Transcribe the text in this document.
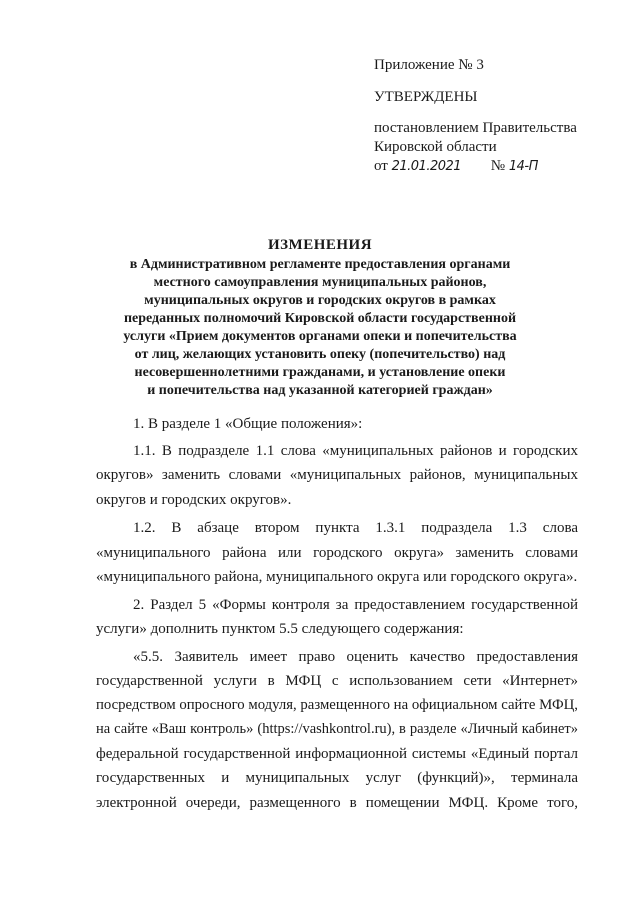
Приложение № 3
УТВЕРЖДЕНЫ
постановлением Правительства
Кировской области
от 21.01.2021 № 14-П
ИЗМЕНЕНИЯ
в Административном регламенте предоставления органами
местного самоуправления муниципальных районов,
муниципальных округов и городских округов в рамках
переданных полномочий Кировской области государственной
услуги «Прием документов органами опеки и попечительства
от лиц, желающих установить опеку (попечительство) над
несовершеннолетними гражданами, и установление опеки
и попечительства над указанной категорией граждан»
1. В разделе 1 «Общие положения»:
1.1. В подразделе 1.1 слова «муниципальных районов и городских
округов» заменить словами «муниципальных районов, муниципальных
округов и городских округов».
1.2. В абзаце втором пункта 1.3.1 подраздела 1.3 слова
«муниципального района или городского округа» заменить словами
«муниципального района, муниципального округа или городского округа».
2. Раздел 5 «Формы контроля за предоставлением государственной
услуги» дополнить пунктом 5.5 следующего содержания:
«5.5. Заявитель имеет право оценить качество предоставления
государственной услуги в МФЦ с использованием сети «Интернет»
посредством опросного модуля, размещенного на официальном сайте МФЦ,
на сайте «Ваш контроль» (https://vashkontrol.ru), в разделе «Личный кабинет»
федеральной государственной информационной системы «Единый портал
государственных и муниципальных услуг (функций)», терминала
электронной очереди, размещенного в помещении МФЦ. Кроме того,
